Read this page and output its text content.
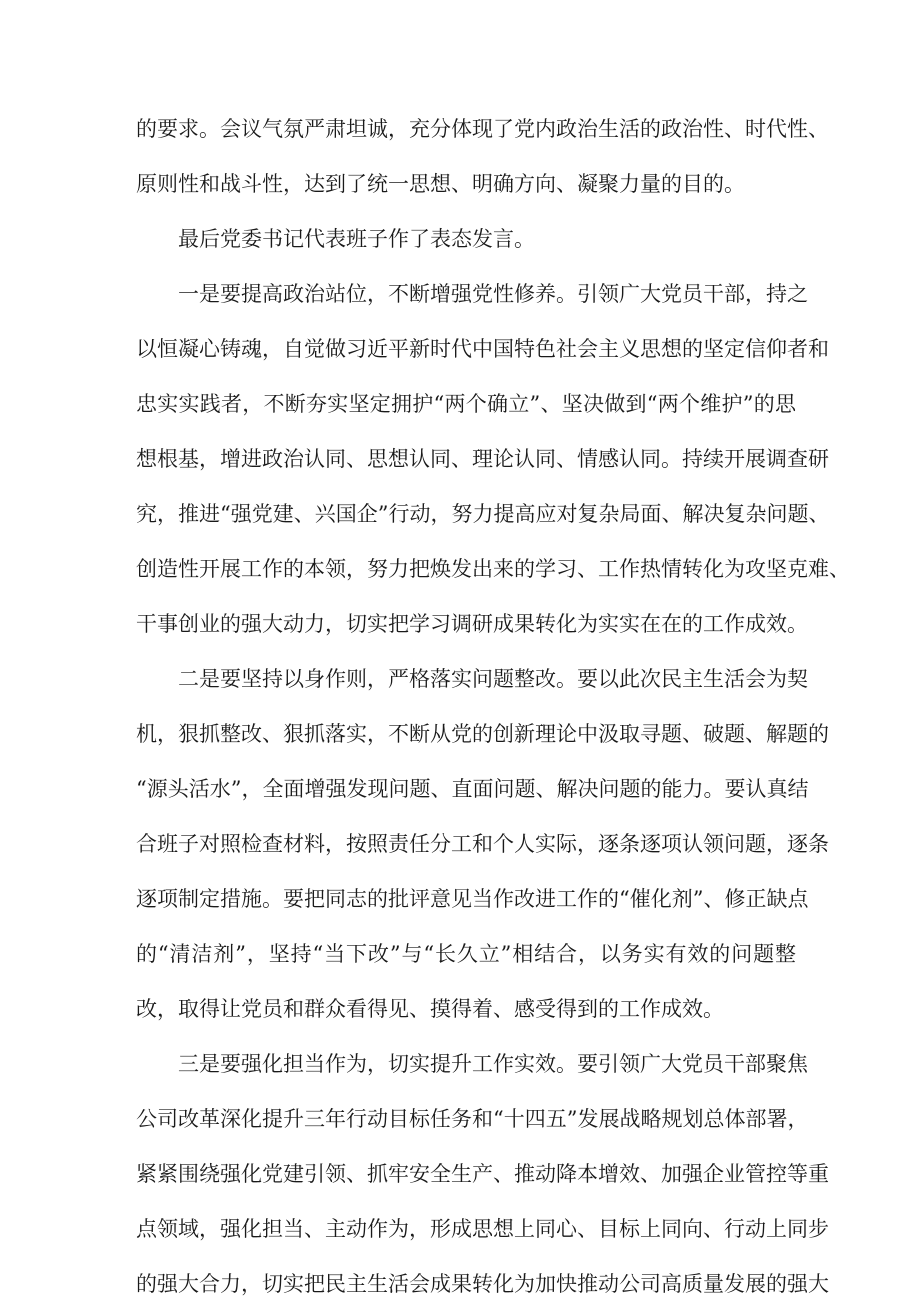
的要求。会议气氛严肃坦诚，充分体现了党内政治生活的政治性、时代性、
原则性和战斗性，达到了统一思想、明确方向、凝聚力量的目的。
最后党委书记代表班子作了表态发言。
一是要提高政治站位，不断增强党性修养。引领广大党员干部，持之
以恒凝心铸魂，自觉做习近平新时代中国特色社会主义思想的坚定信仰者和
忠实实践者，不断夯实坚定拥护“两个确立”、坚决做到“两个维护”的思
想根基，增进政治认同、思想认同、理论认同、情感认同。持续开展调查研
究，推进“强党建、兴国企”行动，努力提高应对复杂局面、解决复杂问题、
创造性开展工作的本领，努力把焕发出来的学习、工作热情转化为攻坚克难、
干事创业的强大动力，切实把学习调研成果转化为实实在在的工作成效。
二是要坚持以身作则，严格落实问题整改。要以此次民主生活会为契
机，狠抓整改、狠抓落实，不断从党的创新理论中汲取寻题、破题、解题的
“源头活水”，全面增强发现问题、直面问题、解决问题的能力。要认真结
合班子对照检查材料，按照责任分工和个人实际，逐条逐项认领问题，逐条
逐项制定措施。要把同志的批评意见当作改进工作的“催化剂”、修正缺点
的“清洁剂”，坚持“当下改”与“长久立”相结合，以务实有效的问题整
改，取得让党员和群众看得见、摸得着、感受得到的工作成效。
三是要强化担当作为，切实提升工作实效。要引领广大党员干部聚焦
公司改革深化提升三年行动目标任务和“十四五”发展战略规划总体部署，
紧紧围绕强化党建引领、抓牢安全生产、推动降本增效、加强企业管控等重
点领域，强化担当、主动作为，形成思想上同心、目标上同向、行动上同步
的强大合力，切实把民主生活会成果转化为加快推动公司高质量发展的强大
